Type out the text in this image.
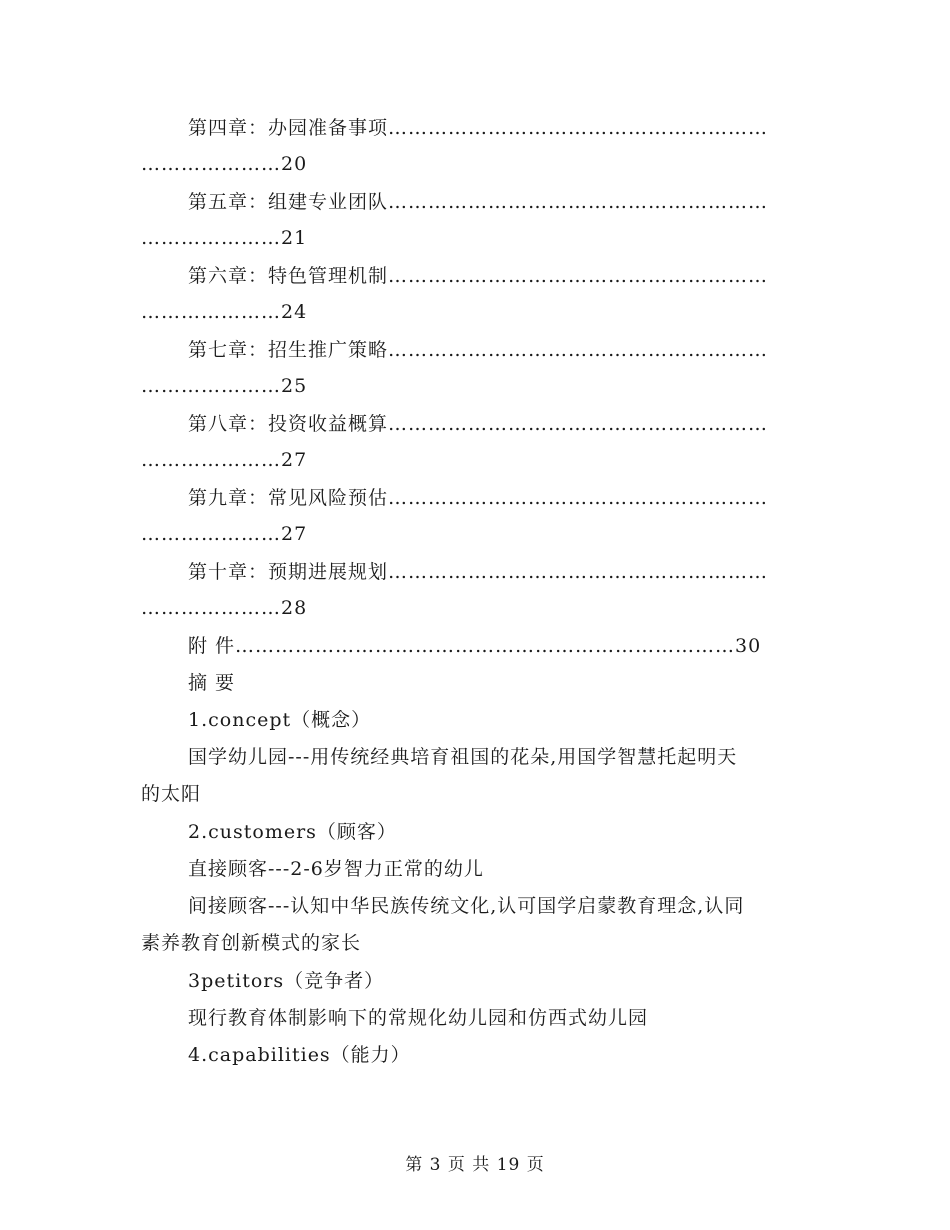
第四章：办园准备事项…………………………………………………
…………………20
第五章：组建专业团队…………………………………………………
…………………21
第六章：特色管理机制…………………………………………………
…………………24
第七章：招生推广策略…………………………………………………
…………………25
第八章：投资收益概算…………………………………………………
…………………27
第九章：常见风险预估…………………………………………………
…………………27
第十章：预期进展规划…………………………………………………
…………………28
附 件…………………………………………………………………30
摘 要
1.concept（概念）
国学幼儿园---用传统经典培育祖国的花朵,用国学智慧托起明天
的太阳
2.customers（顾客）
直接顾客---2-6岁智力正常的幼儿
间接顾客---认知中华民族传统文化,认可国学启蒙教育理念,认同
素养教育创新模式的家长
3petitors（竞争者）
现行教育体制影响下的常规化幼儿园和仿西式幼儿园
4.capabilities（能力）
第 3 页 共 19 页
